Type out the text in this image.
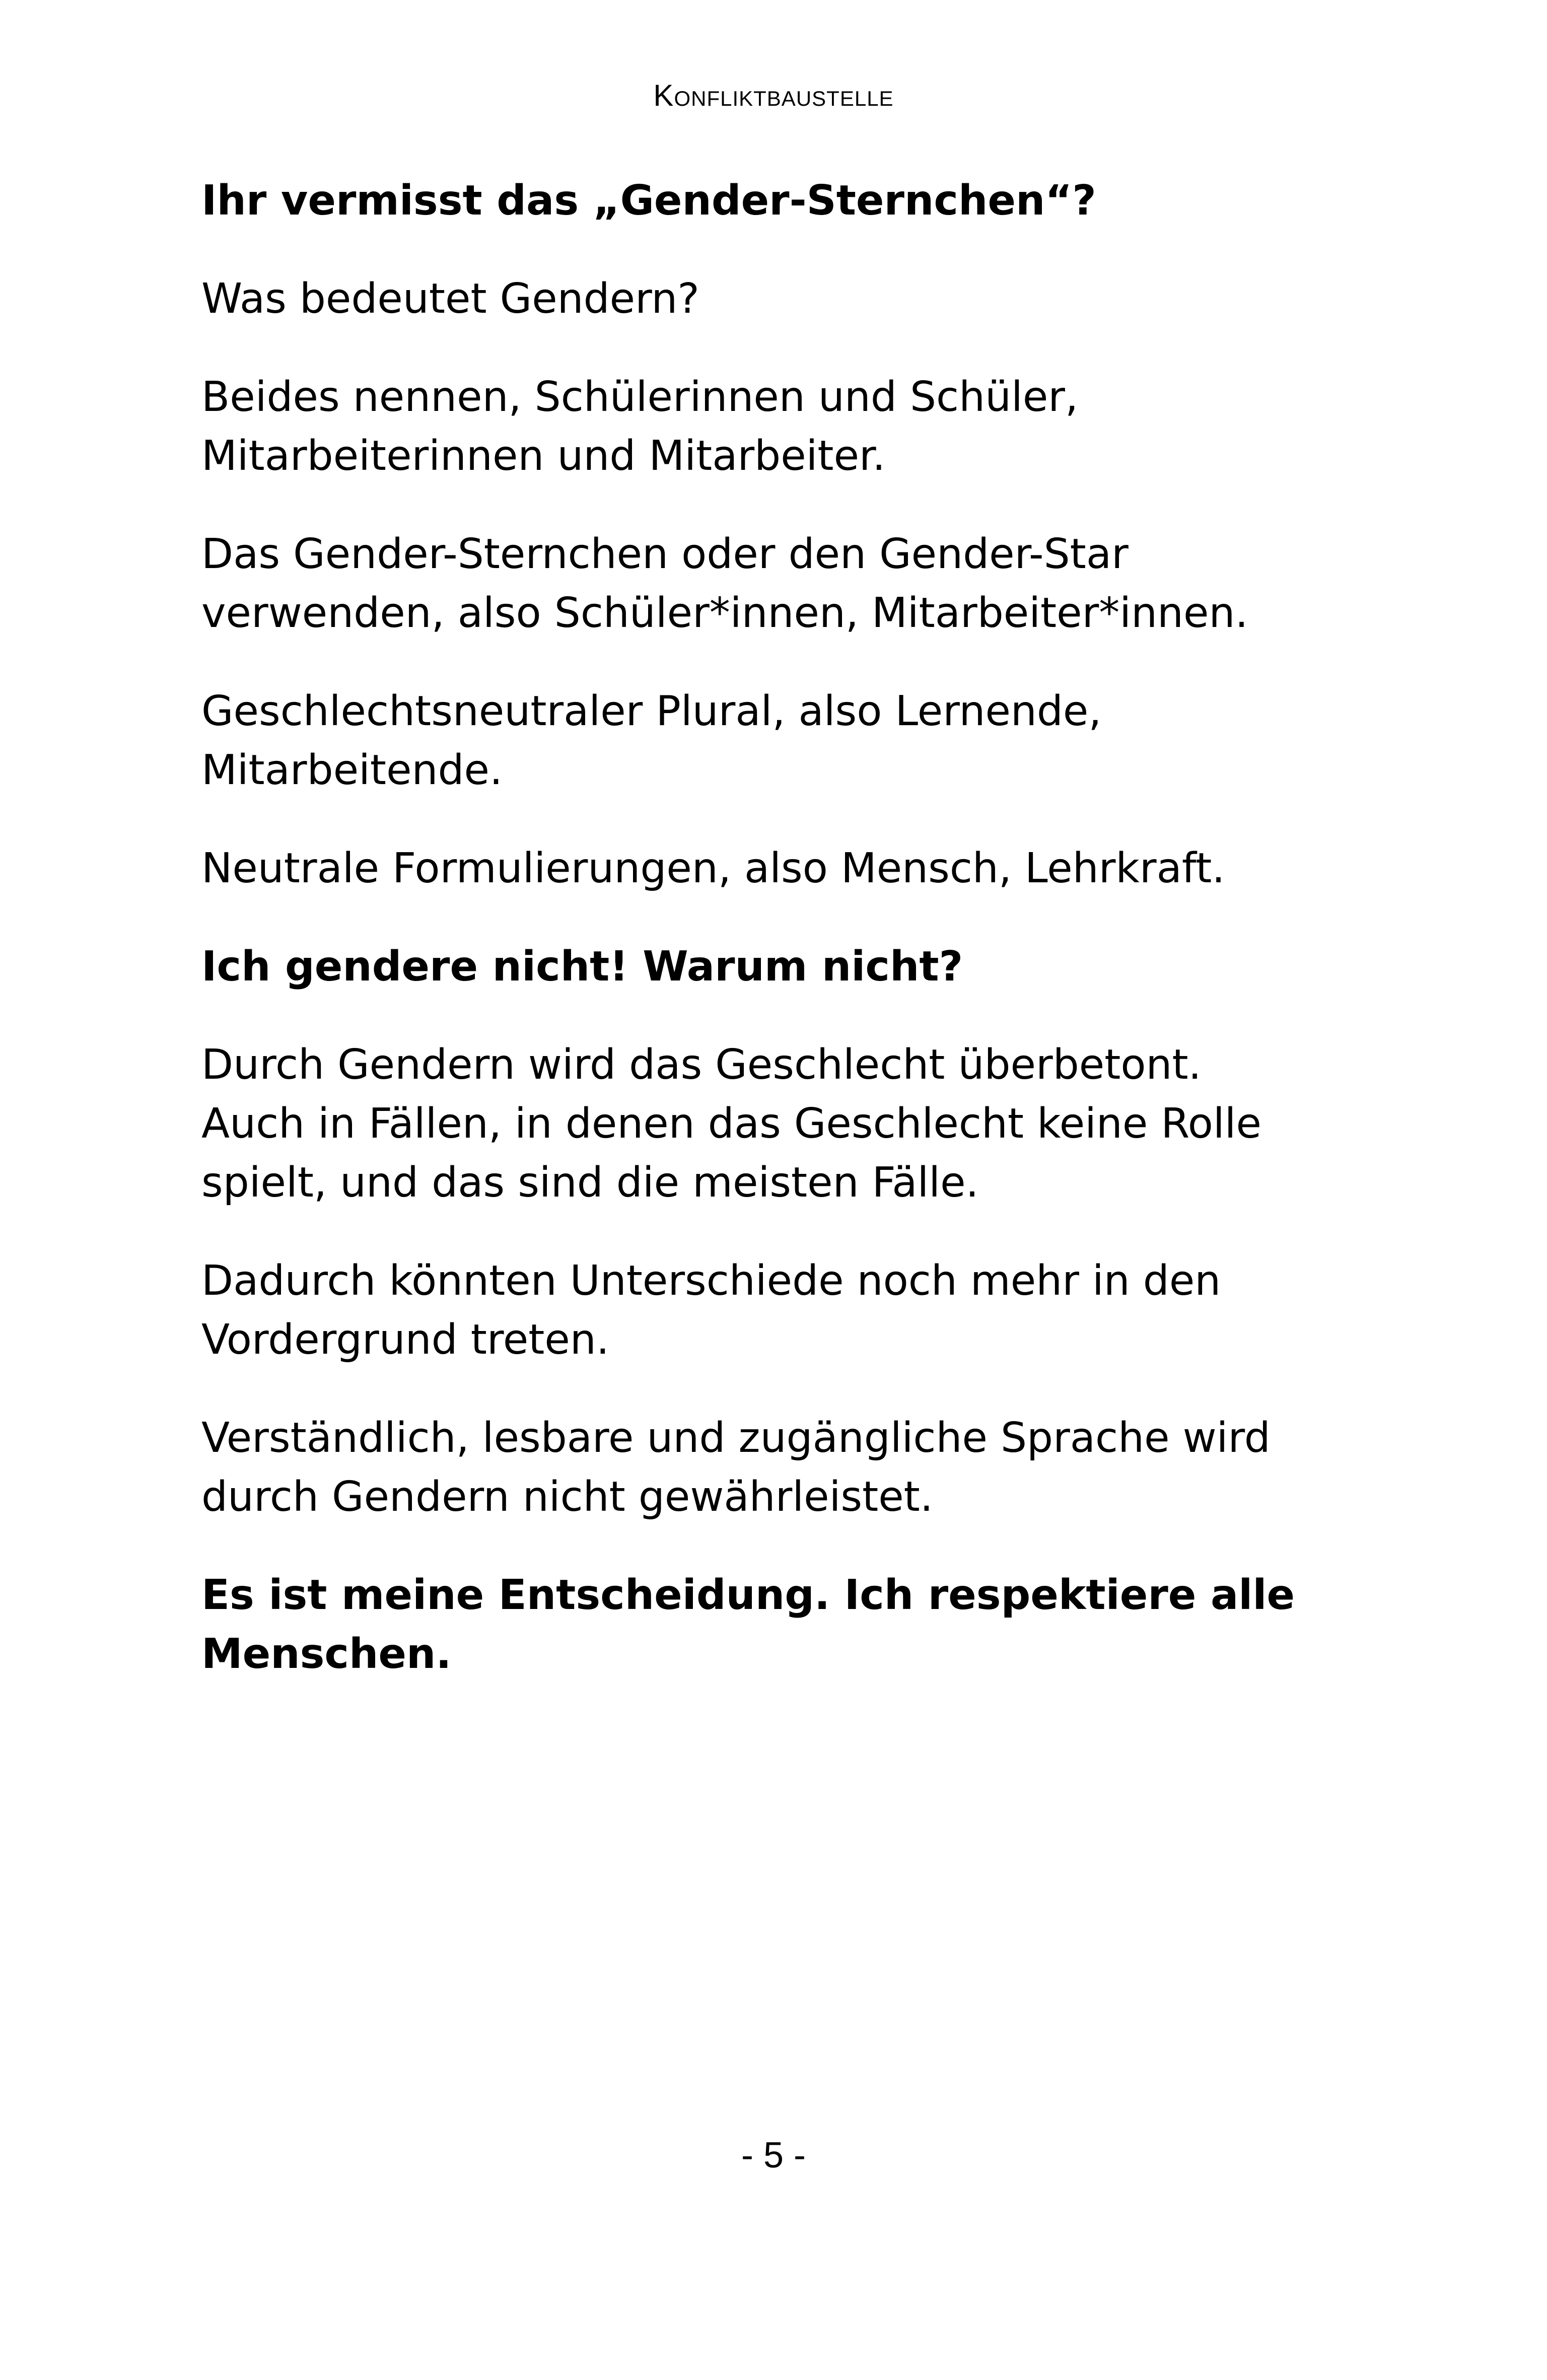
Konfliktbaustelle

Ihr vermisst das „Gender-Sternchen“?

Was bedeutet Gendern?

Beides nennen, Schülerinnen und Schüler,
Mitarbeiterinnen und Mitarbeiter.

Das Gender-Sternchen oder den Gender-Star
verwenden, also Schüler*innen, Mitarbeiter*innen.

Geschlechtsneutraler Plural, also Lernende,
Mitarbeitende.

Neutrale Formulierungen, also Mensch, Lehrkraft.

Ich gendere nicht! Warum nicht?

Durch Gendern wird das Geschlecht überbetont.
Auch in Fällen, in denen das Geschlecht keine Rolle
spielt, und das sind die meisten Fälle.

Dadurch könnten Unterschiede noch mehr in den
Vordergrund treten.

Verständlich, lesbare und zugängliche Sprache wird
durch Gendern nicht gewährleistet.

Es ist meine Entscheidung. Ich respektiere alle
Menschen.

- 5 -
